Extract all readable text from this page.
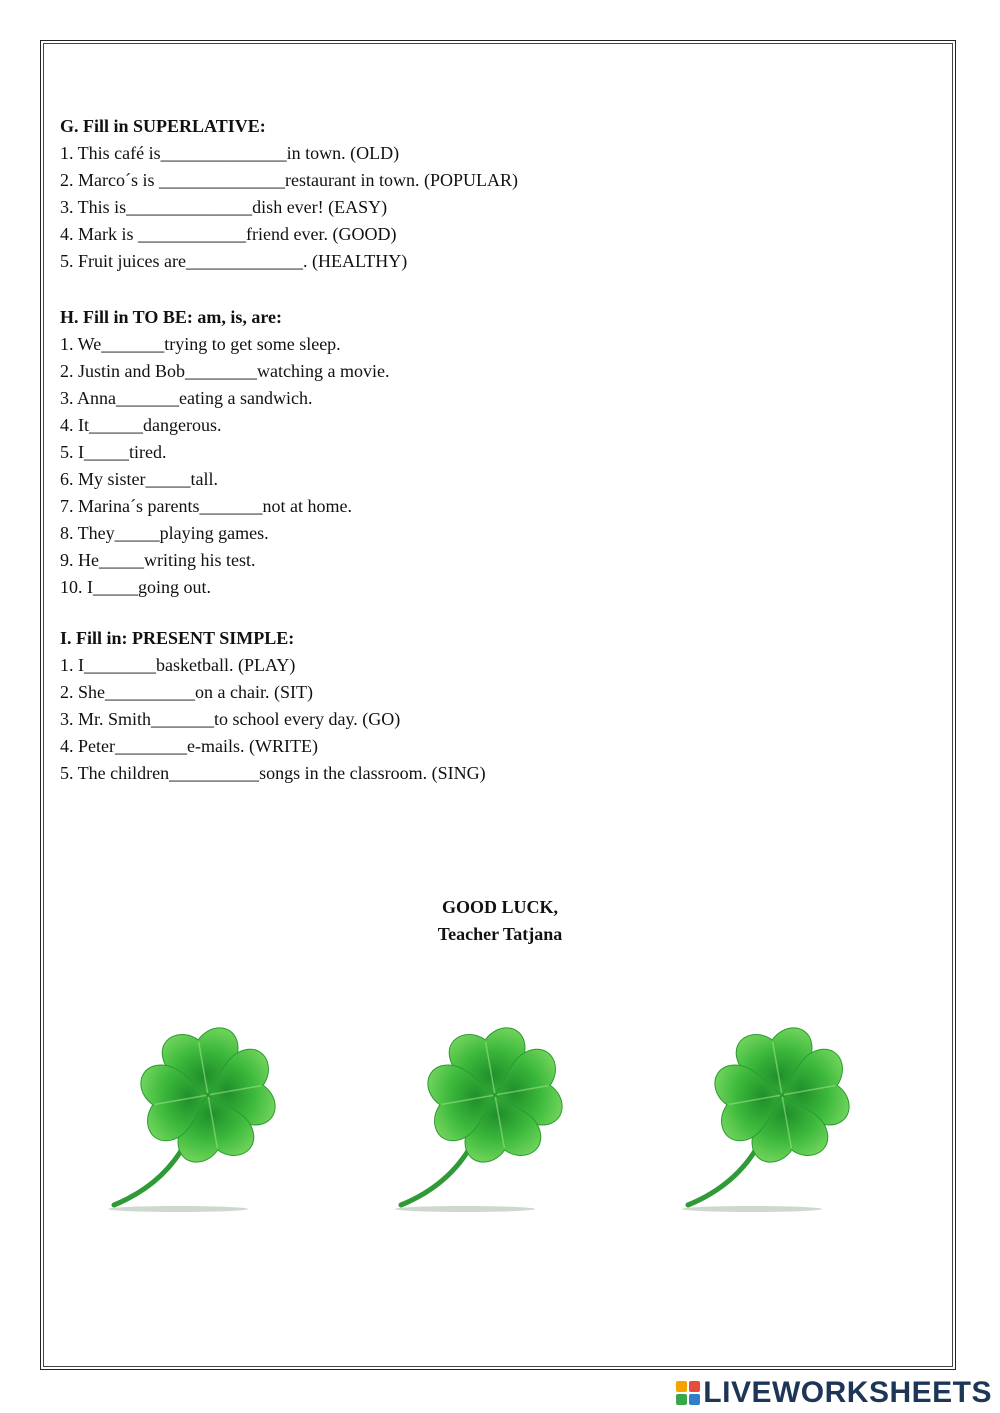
G. Fill in SUPERLATIVE:

1. This café is______________in town. (OLD)

2. Marco´s is ______________restaurant in town. (POPULAR)

3. This is______________dish ever! (EASY)

4. Mark is ____________friend ever. (GOOD)

5. Fruit juices are_____________. (HEALTHY)

H. Fill in TO BE: am, is, are:

1. We_______trying to get some sleep.

2. Justin and Bob________watching a movie.

3. Anna_______eating a sandwich.

4. It______dangerous.

5. I_____tired.

6. My sister_____tall.

7. Marina´s parents_______not at home.

8. They_____playing games.

9. He_____writing his test.

10. I_____going out.

I. Fill in: PRESENT SIMPLE:

1. I________basketball. (PLAY)

2. She__________on a chair. (SIT)

3. Mr. Smith_______to school every day. (GO)

4. Peter________e-mails. (WRITE)

5. The children__________songs in the classroom. (SING)

GOOD LUCK,
Teacher Tatjana
LIVEWORKSHEETS
